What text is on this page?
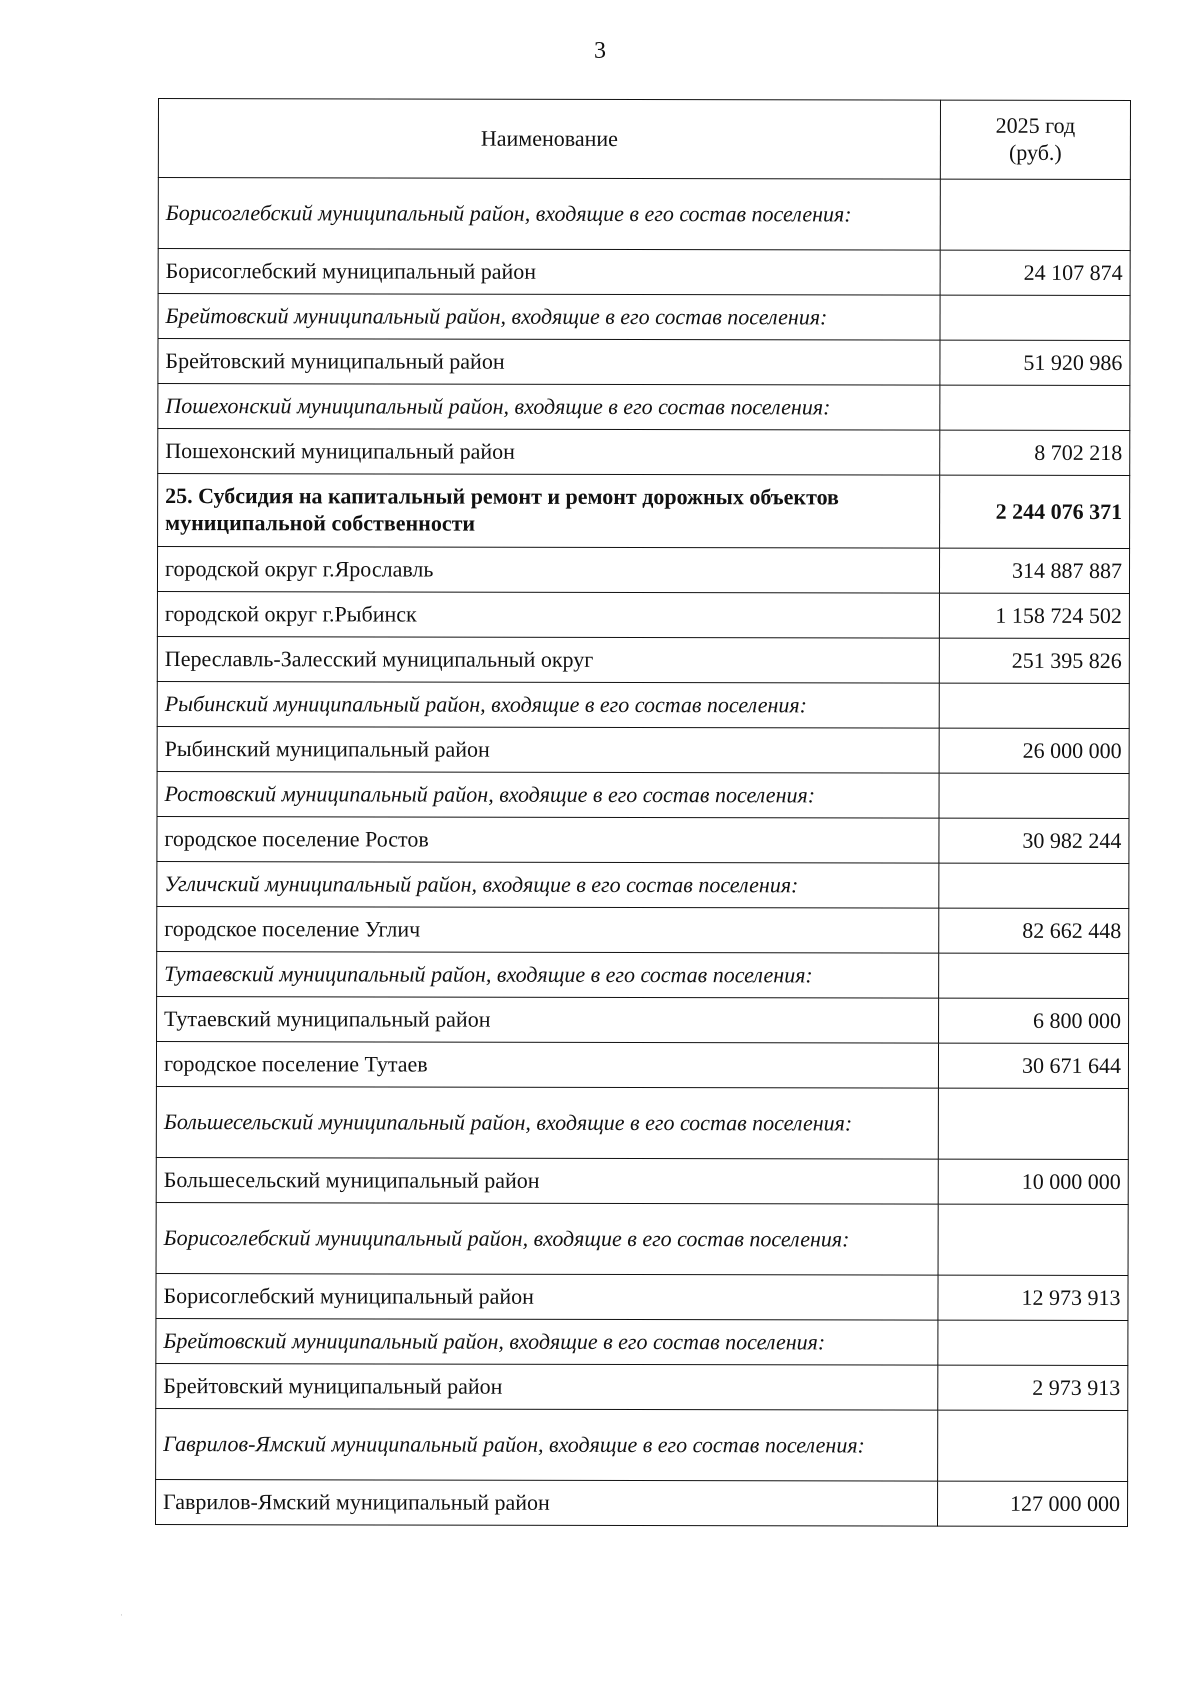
3
Наименование	2025 год
(руб.)
Борисоглебский муниципальный район, входящие в его состав поселения:	
Борисоглебский муниципальный район	24 107 874
Брейтовский муниципальный район, входящие в его состав поселения:	
Брейтовский муниципальный район	51 920 986
Пошехонский муниципальный район, входящие в его состав поселения:	
Пошехонский муниципальный район	8 702 218
25. Субсидия на капитальный ремонт и ремонт дорожных объектов муниципальной собственности	2 244 076 371
городской округ г.Ярославль	314 887 887
городской округ г.Рыбинск	1 158 724 502
Переславль-Залесский муниципальный округ	251 395 826
Рыбинский муниципальный район, входящие в его состав поселения:	
Рыбинский муниципальный район	26 000 000
Ростовский муниципальный район, входящие в его состав поселения:	
городское поселение Ростов	30 982 244
Угличский муниципальный район, входящие в его состав поселения:	
городское поселение Углич	82 662 448
Тутаевский муниципальный район, входящие в его состав поселения:	
Тутаевский муниципальный район	6 800 000
городское поселение Тутаев	30 671 644
Большесельский муниципальный район, входящие в его состав поселения:	
Большесельский муниципальный район	10 000 000
Борисоглебский муниципальный район, входящие в его состав поселения:	
Борисоглебский муниципальный район	12 973 913
Брейтовский муниципальный район, входящие в его состав поселения:	
Брейтовский муниципальный район	2 973 913
Гаврилов-Ямский муниципальный район, входящие в его состав поселения:	
Гаврилов-Ямский муниципальный район	127 000 000
·
